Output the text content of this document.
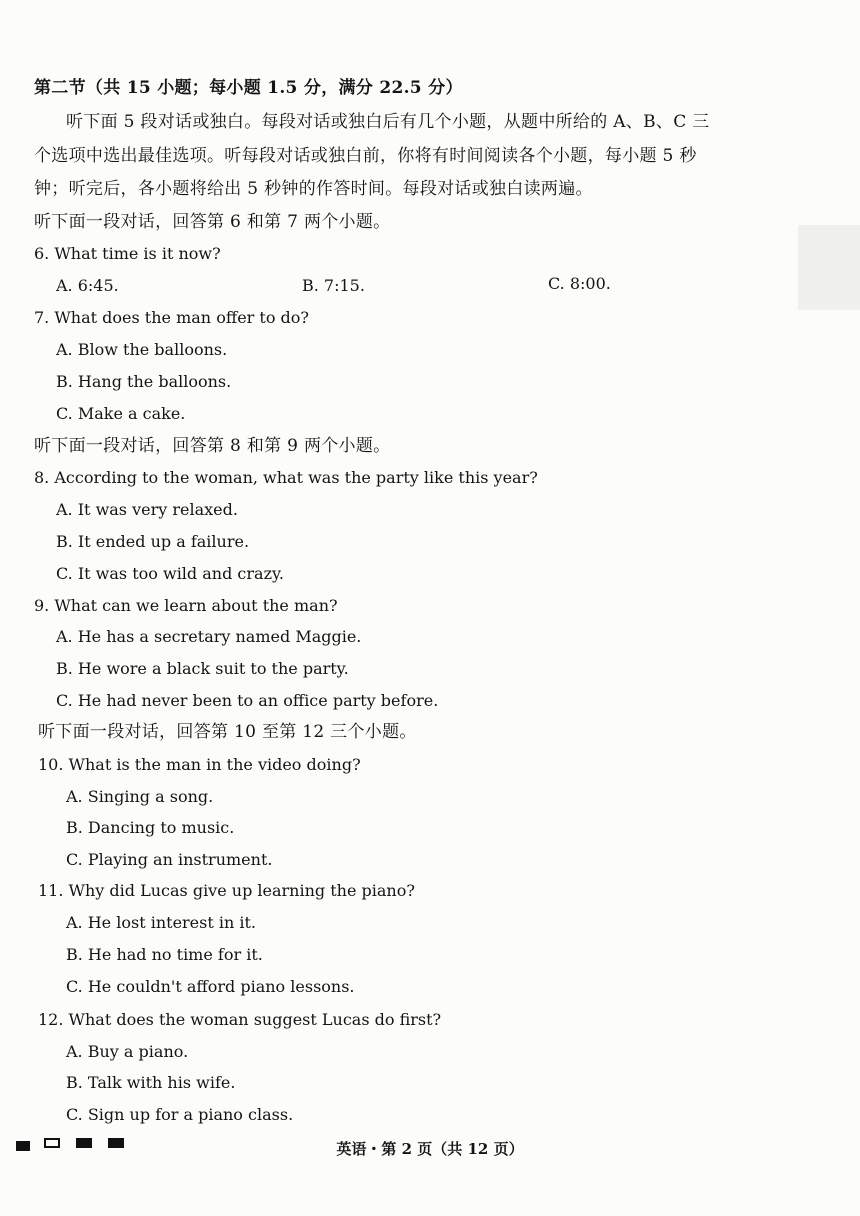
第二节（共 15 小题；每小题 1.5 分，满分 22.5 分）
听下面 5 段对话或独白。每段对话或独白后有几个小题，从题中所给的 A、B、C 三
个选项中选出最佳选项。听每段对话或独白前，你将有时间阅读各个小题，每小题 5 秒
钟；听完后，各小题将给出 5 秒钟的作答时间。每段对话或独白读两遍。
听下面一段对话，回答第 6 和第 7 两个小题。
6. What time is it now?
A. 6:45.	B. 7:15.	C. 8:00.
7. What does the man offer to do?
A. Blow the balloons.
B. Hang the balloons.
C. Make a cake.
听下面一段对话，回答第 8 和第 9 两个小题。
8. According to the woman, what was the party like this year?
A. It was very relaxed.
B. It ended up a failure.
C. It was too wild and crazy.
9. What can we learn about the man?
A. He has a secretary named Maggie.
B. He wore a black suit to the party.
C. He had never been to an office party before.
听下面一段对话，回答第 10 至第 12 三个小题。
10. What is the man in the video doing?
A. Singing a song.
B. Dancing to music.
C. Playing an instrument.
11. Why did Lucas give up learning the piano?
A. He lost interest in it.
B. He had no time for it.
C. He couldn't afford piano lessons.
12. What does the woman suggest Lucas do first?
A. Buy a piano.
B. Talk with his wife.
C. Sign up for a piano class.
英语・第 2 页（共 12 页）
